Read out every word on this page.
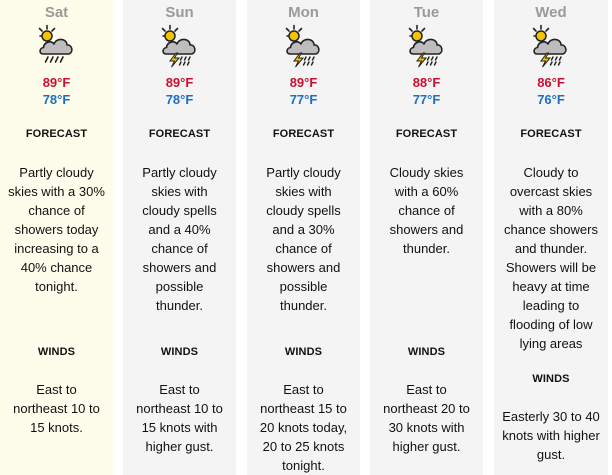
Sat
89°F
78°F
FORECAST
Partly cloudy skies with a 30% chance of showers today increasing to a 40% chance tonight.
WINDS
East to northeast 10 to 15 knots.
Sun
89°F
78°F
FORECAST
Partly cloudy skies with cloudy spells and a 40% chance of showers and possible thunder.
WINDS
East to northeast 10 to 15 knots with higher gust.
Mon
89°F
77°F
FORECAST
Partly cloudy skies with cloudy spells and a 30% chance of showers and possible thunder.
WINDS
East to northeast 15 to 20 knots today, 20 to 25 knots tonight.
Tue
88°F
77°F
FORECAST
Cloudy skies with a 60% chance of showers and thunder.
WINDS
East to northeast 20 to 30 knots with higher gust.
Wed
86°F
76°F
FORECAST
Cloudy to overcast skies with a 80% chance showers and thunder. Showers will be heavy at time leading to flooding of low lying areas
WINDS
Easterly 30 to 40 knots with higher gust.
